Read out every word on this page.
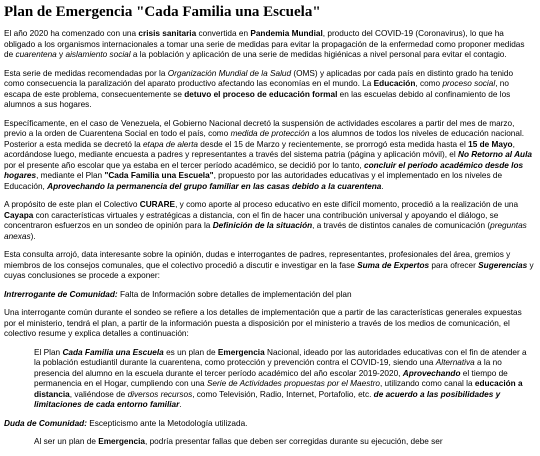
Plan de Emergencia "Cada Familia una Escuela"

El año 2020 ha comenzado con una crisis sanitaria convertida en Pandemia Mundial, producto del COVID-19 (Coronavirus), lo que ha obligado a los organismos internacionales a tomar una serie de medidas para evitar la propagación de la enfermedad como proponer medidas de cuarentena y aislamiento social a la población y aplicación de una serie de medidas higiénicas a nivel personal para evitar el contagio.

Esta serie de medidas recomendadas por la Organización Mundial de la Salud (OMS) y aplicadas por cada país en distinto grado ha tenido como consecuencia la paralización del aparato productivo afectando las economías en el mundo. La Educación, como proceso social, no escapa de este problema, consecuentemente se detuvo el proceso de educación formal en las escuelas debido al confinamiento de los alumnos a sus hogares.

Específicamente, en el caso de Venezuela, el Gobierno Nacional decretó la suspensión de actividades escolares a partir del mes de marzo, previo a la orden de Cuarentena Social en todo el país, como medida de protección a los alumnos de todos los niveles de educación nacional. Posterior a esta medida se decretó la etapa de alerta desde el 15 de Marzo y recientemente, se prorrogó esta medida hasta el 15 de Mayo, acordándose luego, mediante encuesta a padres y representantes a través del sistema patria (página y aplicación móvil), el No Retorno al Aula por el presente año escolar que ya estaba en el tercer período académico, se decidió por lo tanto, concluir el período académico desde los hogares, mediante el Plan "Cada Familia una Escuela", propuesto por las autoridades educativas y el implementado en los niveles de Educación, Aprovechando la permanencia del grupo familiar en las casas debido a la cuarentena.

A propósito de este plan el Colectivo CURARE, y como aporte al proceso educativo en este difícil momento, procedió a la realización de una Cayapa con características virtuales y estratégicas a distancia, con el fin de hacer una contribución universal y apoyando el diálogo, se concentraron esfuerzos en un sondeo de opinión para la Definición de la situación, a través de distintos canales de comunicación (preguntas anexas).

Esta consulta arrojó, data interesante sobre la opinión, dudas e interrogantes de padres, representantes, profesionales del área, gremios y miembros de los consejos comunales, que el colectivo procedió a discutir e investigar en la fase Suma de Expertos para ofrecer Sugerencias y cuyas conclusiones se procede a exponer:

Intrerrogante de Comunidad: Falta de Información sobre detalles de implementación del plan

Una interrogante común durante el sondeo se refiere a los detalles de implementación que a partir de las características generales expuestas por el ministerio, tendrá el plan, a partir de la información puesta a disposición por el ministerio a través de los medios de comunicación, el colectivo resume y explica detalles a continuación:

El Plan Cada Familia una Escuela es un plan de Emergencia Nacional, ideado por las autoridades educativas con el fin de atender a la población estudiantil durante la cuarentena, como protección y prevención contra el COVID-19, siendo una Alternativa a la no presencia del alumno en la escuela durante el tercer período académico del año escolar 2019-2020, Aprovechando el tiempo de permanencia en el Hogar, cumpliendo con una Serie de Actividades propuestas por el Maestro, utilizando como canal la educación a distancia, valiéndose de diversos recursos, como Televisión, Radio, Internet, Portafolio, etc. de acuerdo a las posibilidades y limitaciones de cada entorno familiar.

Duda de Comunidad: Escepticismo ante la Metodología utilizada.

Al ser un plan de Emergencia, podría presentar fallas que deben ser corregidas durante su ejecución, debe ser
